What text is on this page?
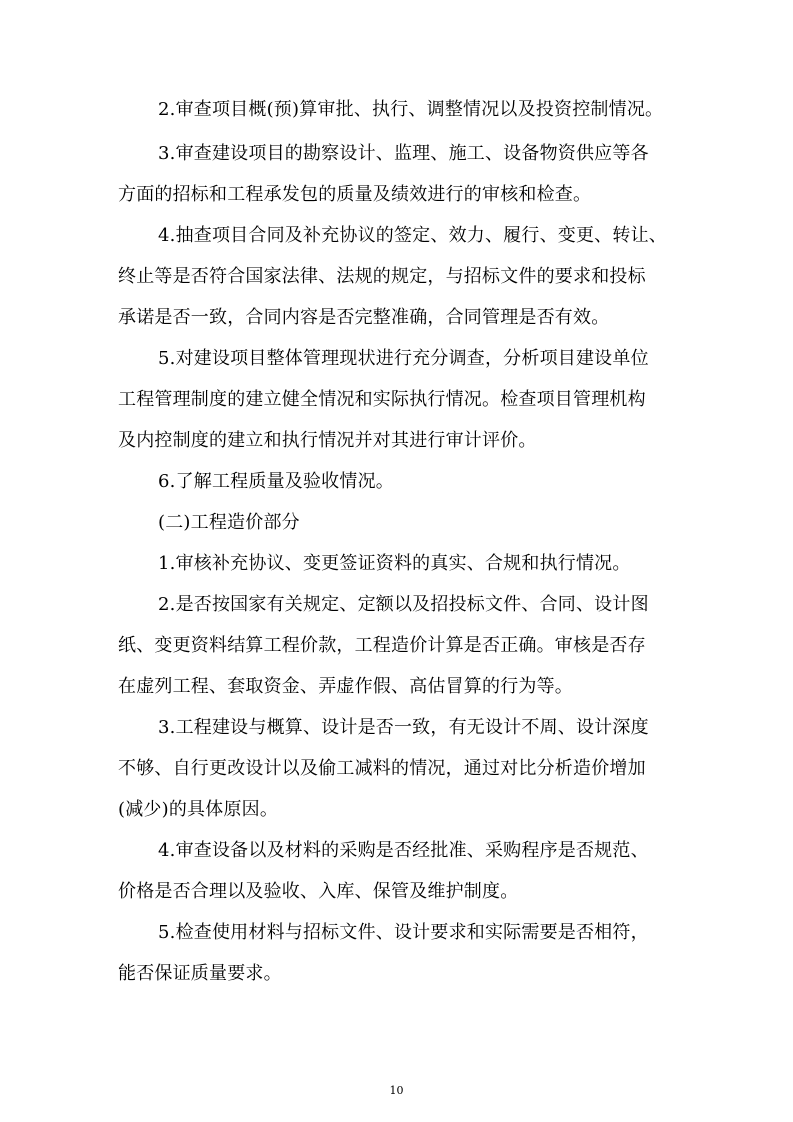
2.审查项目概(预)算审批、执行、调整情况以及投资控制情况。
3.审查建设项目的勘察设计、监理、施工、设备物资供应等各
方面的招标和工程承发包的质量及绩效进行的审核和检查。
4.抽查项目合同及补充协议的签定、效力、履行、变更、转让、
终止等是否符合国家法律、法规的规定，与招标文件的要求和投标
承诺是否一致，合同内容是否完整准确，合同管理是否有效。
5.对建设项目整体管理现状进行充分调查，分析项目建设单位
工程管理制度的建立健全情况和实际执行情况。检查项目管理机构
及内控制度的建立和执行情况并对其进行审计评价。
6.了解工程质量及验收情况。
(二)工程造价部分
1.审核补充协议、变更签证资料的真实、合规和执行情况。
2.是否按国家有关规定、定额以及招投标文件、合同、设计图
纸、变更资料结算工程价款，工程造价计算是否正确。审核是否存
在虚列工程、套取资金、弄虚作假、高估冒算的行为等。
3.工程建设与概算、设计是否一致，有无设计不周、设计深度
不够、自行更改设计以及偷工减料的情况，通过对比分析造价增加
(减少)的具体原因。
4.审查设备以及材料的采购是否经批准、采购程序是否规范、
价格是否合理以及验收、入库、保管及维护制度。
5.检查使用材料与招标文件、设计要求和实际需要是否相符，
能否保证质量要求。
10
